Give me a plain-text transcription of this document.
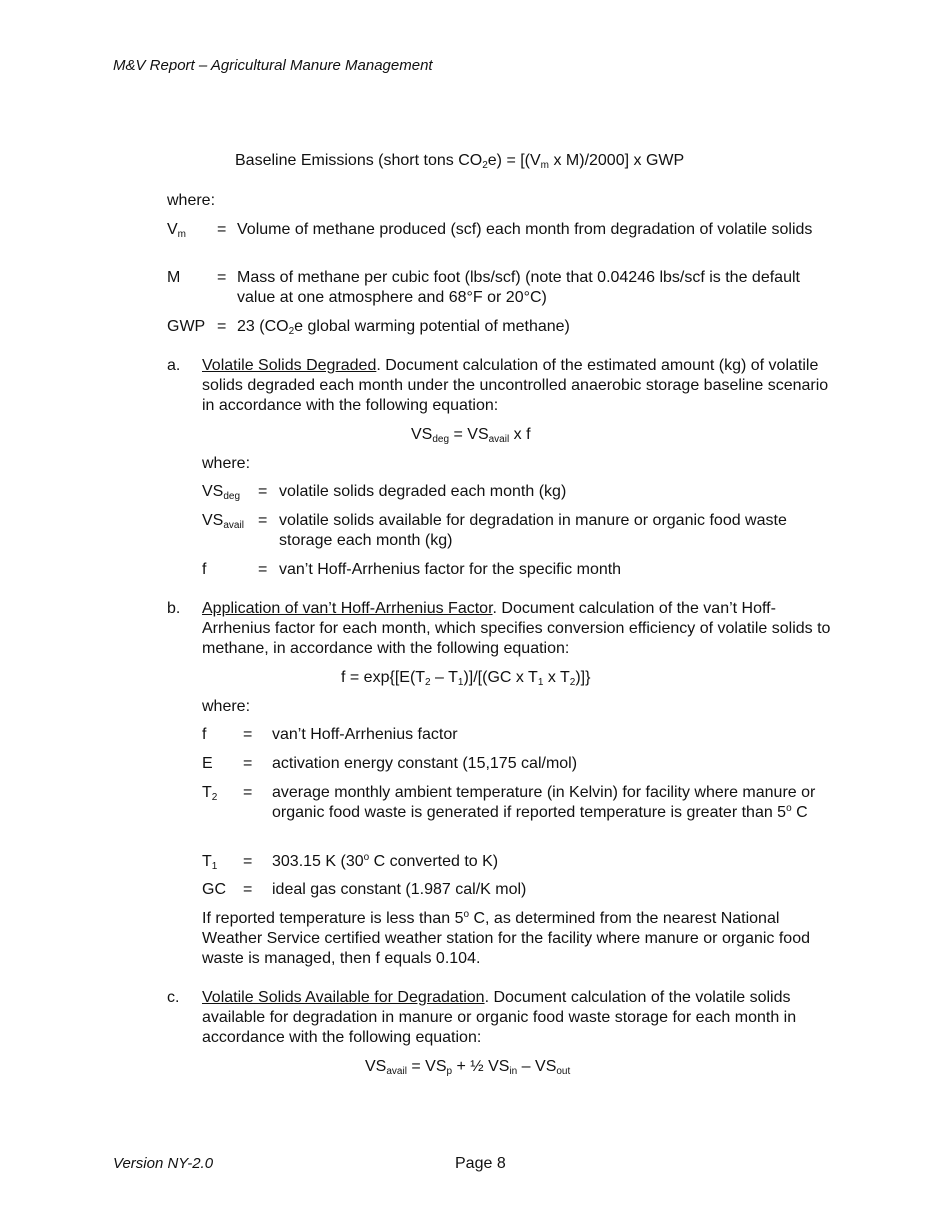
M&V Report – Agricultural Manure Management
Baseline Emissions (short tons $CO_2e) = [(V_m$ x M)/2000] x GWP
where:
$V_m$ = Volume of methane produced (scf) each month from degradation of volatile solids
M = Mass of methane per cubic foot (lbs/scf) (note that 0.04246 lbs/scf is the default value at one atmosphere and 68°F or 20°C)
GWP = 23 ($CO_2e$ global warming potential of methane)
a. Volatile Solids Degraded. Document calculation of the estimated amount (kg) of volatile solids degraded each month under the uncontrolled anaerobic storage baseline scenario in accordance with the following equation:
$VS_{deg} = VS_{avail}$ x f
where:
$VS_{deg}$ = volatile solids degraded each month (kg)
$VS_{avail}$ = volatile solids available for degradation in manure or organic food waste storage each month (kg)
f	= van’t Hoff-Arrhenius factor for the specific month
b. Application of van’t Hoff-Arrhenius Factor. Document calculation of the van’t Hoff-Arrhenius factor for each month, which specifies conversion efficiency of volatile solids to methane, in accordance with the following equation:
$f = \exp\{[E(T_2 - T_1)]/[(GC$ x $T_1$ x $T_2$)]}
where:
f = van’t Hoff-Arrhenius factor
E = activation energy constant (15,175 cal/mol)
$T_2$ = average monthly ambient temperature (in Kelvin) for facility where manure or organic food waste is generated if reported temperature is greater than 5$^o$ C
$T_1 = 303.15$ K (30$^o$ C converted to K)
GC = ideal gas constant (1.987 cal/K mol)
If reported temperature is less than 5$^o$ C, as determined from the nearest National Weather Service certified weather station for the facility where manure or organic food waste is managed, then f equals 0.104.
c. Volatile Solids Available for Degradation. Document calculation of the volatile solids available for degradation in manure or organic food waste storage for each month in accordance with the following equation:
$VS_{avail} = VS_p$ + ½ $VS_{in} - VS_{out}$
Version NY-2.0	Page 8
